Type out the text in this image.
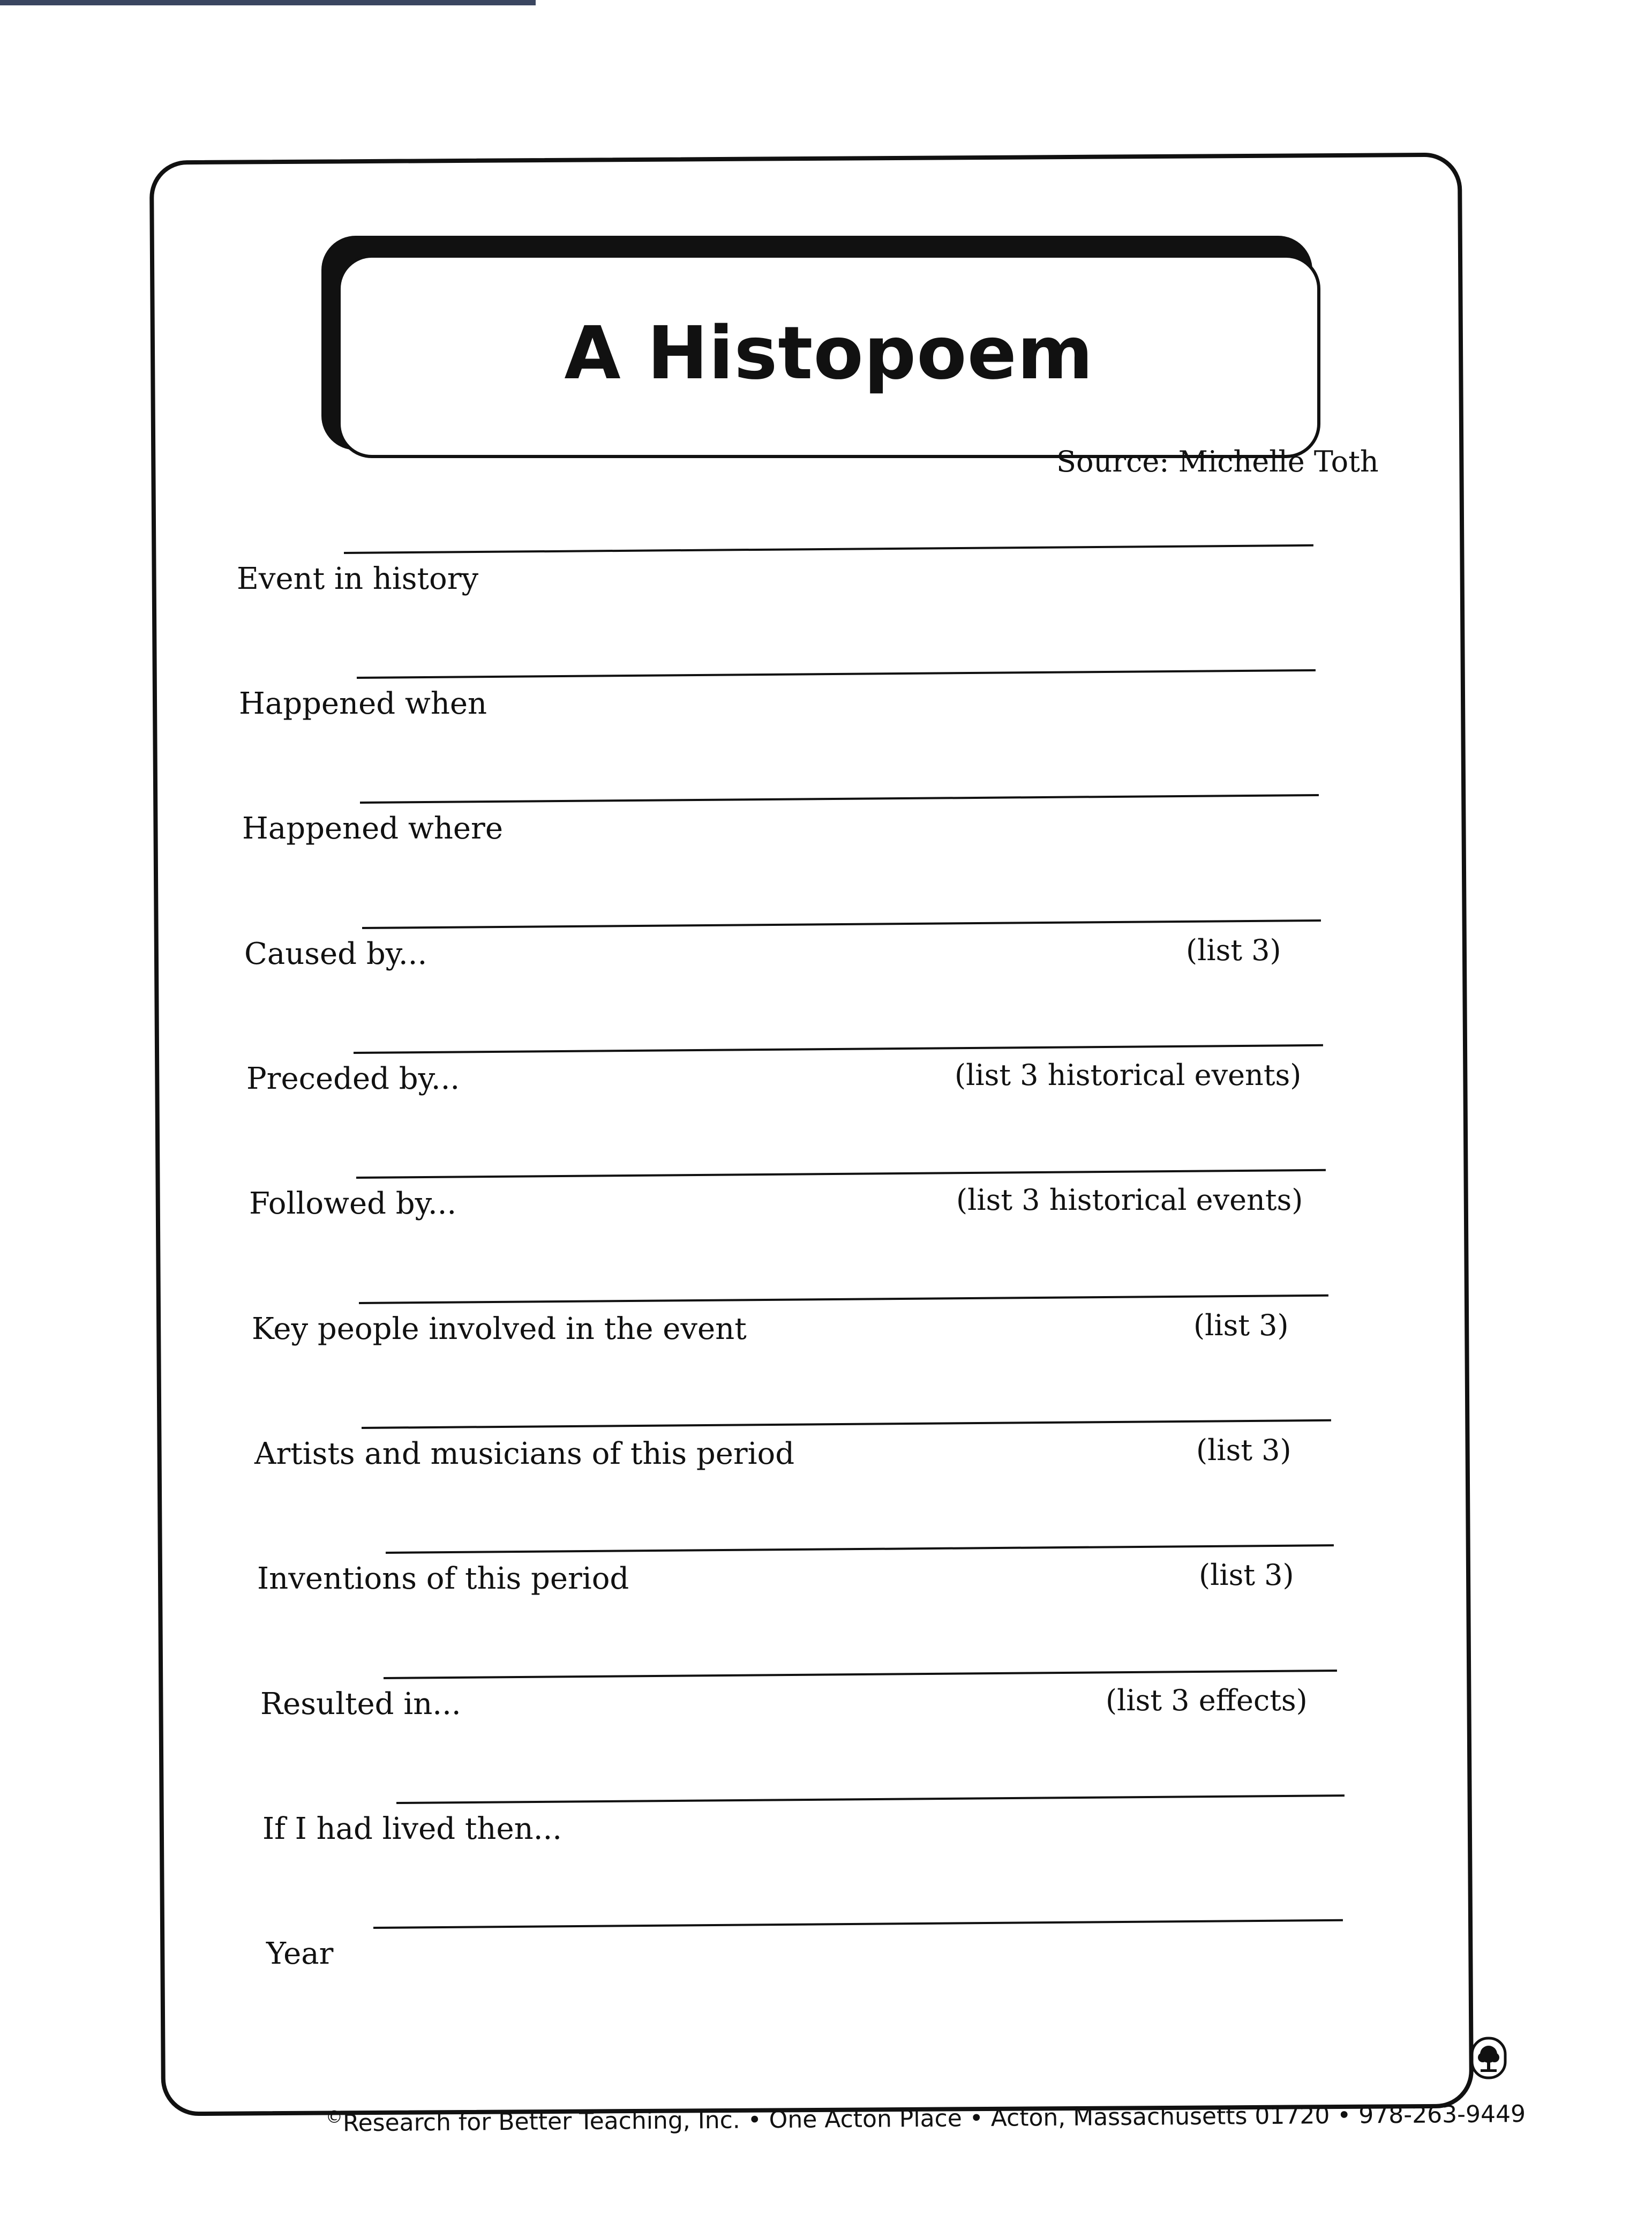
A Histopoem
Source: Michelle Toth
Event in history
Happened when
Happened where
Caused by...	(list 3)
Preceded by...	(list 3 historical events)
Followed by...	(list 3 historical events)
Key people involved in the event	(list 3)
Artists and musicians of this period	(list 3)
Inventions of this period	(list 3)
Resulted in...	(list 3 effects)
If I had lived then...
Year
©Research for Better Teaching, Inc. • One Acton Place • Acton, Massachusetts 01720 • 978-263-9449
